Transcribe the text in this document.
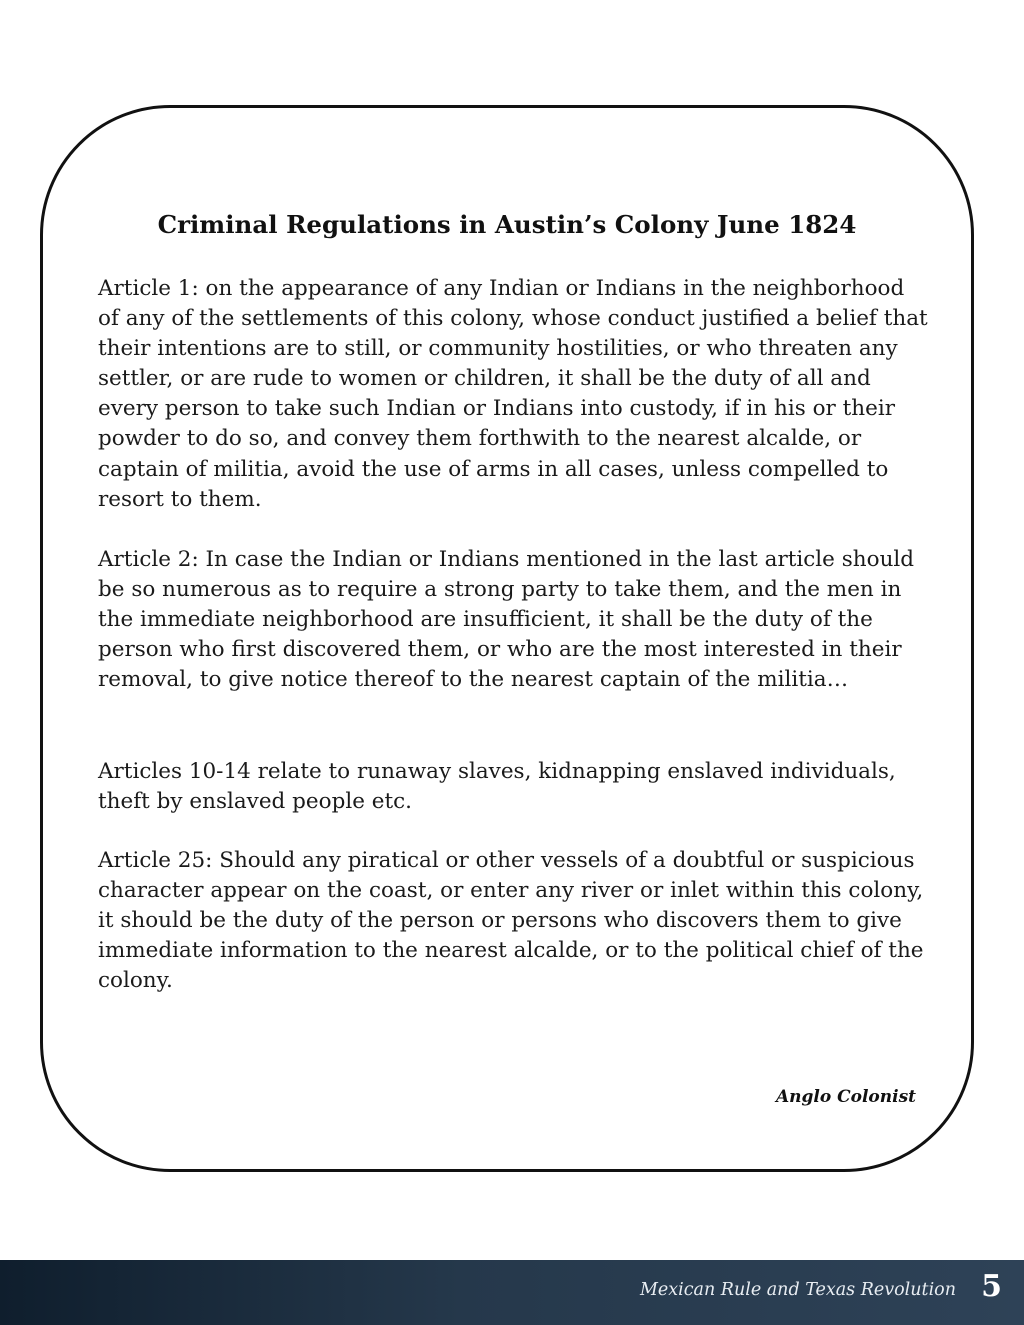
Criminal Regulations in Austin’s Colony June 1824

Article 1: on the appearance of any Indian or Indians in the neighborhood of any of the settlements of this colony, whose conduct justified a belief that their intentions are to still, or community hostilities, or who threaten any settler, or are rude to women or children, it shall be the duty of all and every person to take such Indian or Indians into custody, if in his or their powder to do so, and convey them forthwith to the nearest alcalde, or captain of militia, avoid the use of arms in all cases, unless compelled to resort to them.

Article 2: In case the Indian or Indians mentioned in the last article should be so numerous as to require a strong party to take them, and the men in the immediate neighborhood are insufficient, it shall be the duty of the person who first discovered them, or who are the most interested in their removal, to give notice thereof to the nearest captain of the militia…

Articles 10-14 relate to runaway slaves, kidnapping enslaved individuals, theft by enslaved people etc.

Article 25: Should any piratical or other vessels of a doubtful or suspicious character appear on the coast, or enter any river or inlet within this colony, it should be the duty of the person or persons who discovers them to give immediate information to the nearest alcalde, or to the political chief of the colony.

Anglo Colonist

Mexican Rule and Texas Revolution 5
